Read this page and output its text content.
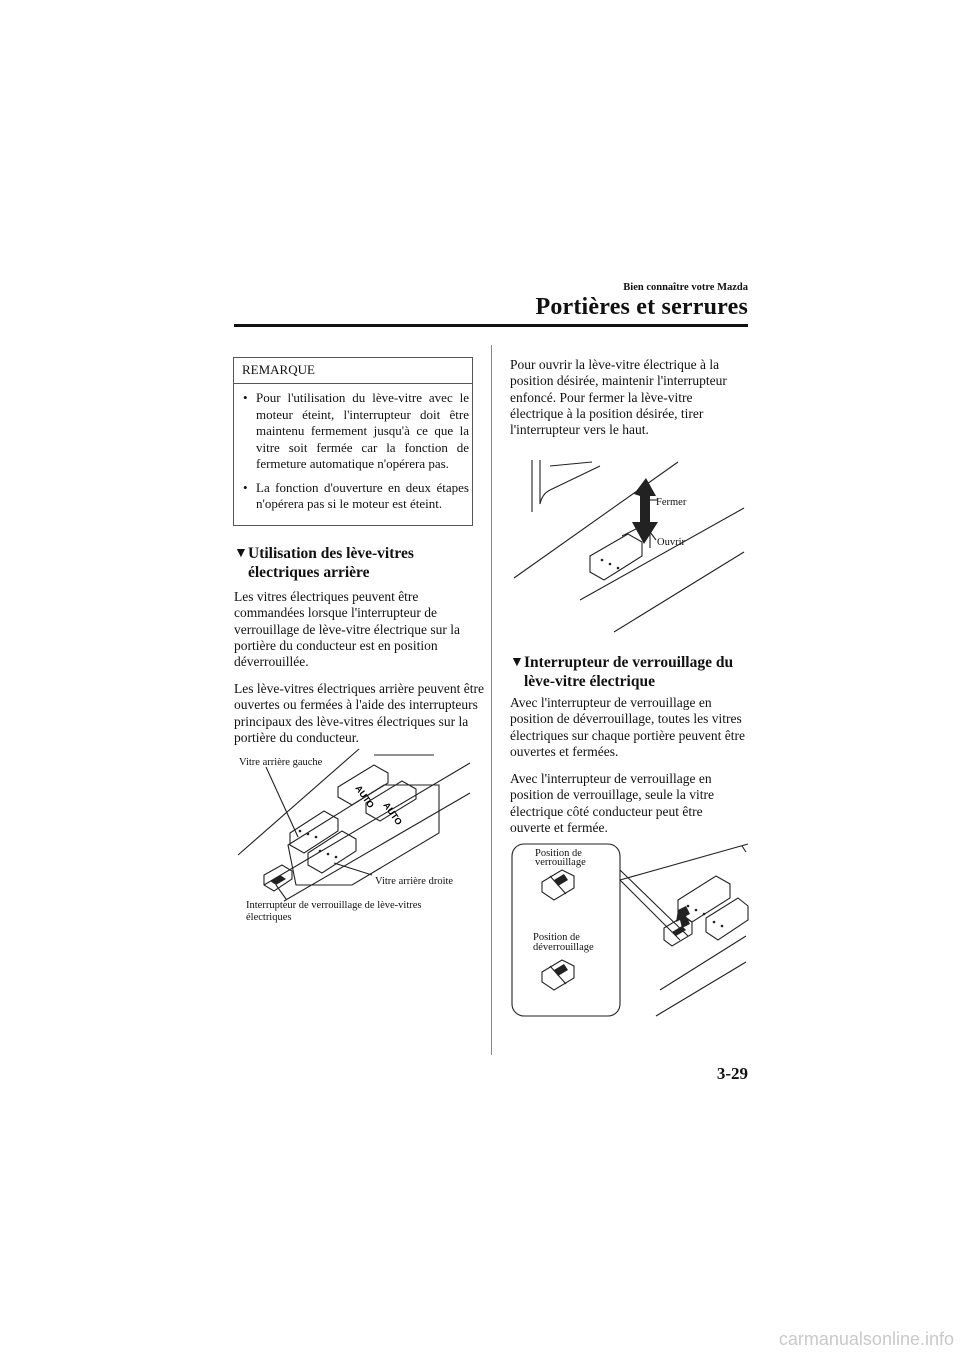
Bien connaître votre Mazda
Portières et serrures
REMARQUE
• Pour l'utilisation du lève-vitre avec le moteur éteint, l'interrupteur doit être maintenu fermement jusqu'à ce que la vitre soit fermée car la fonction de fermeture automatique n'opérera pas.
• La fonction d'ouverture en deux étapes n'opérera pas si le moteur est éteint.
▼ Utilisation des lève-vitres
électriques arrière

Les vitres électriques peuvent être commandées lorsque l'interrupteur de verrouillage de lève-vitre électrique sur la portière du conducteur est en position déverrouillée.

Les lève-vitres électriques arrière peuvent être ouvertes ou fermées à l'aide des interrupteurs principaux des lève-vitres électriques sur la portière du conducteur.

AUTO
AUTO
Vitre arrière gauche
Vitre arrière droite
Interrupteur de verrouillage de lève-vitres
électriques

Pour ouvrir la lève-vitre électrique à la position désirée, maintenir l'interrupteur enfoncé. Pour fermer la lève-vitre électrique à la position désirée, tirer l'interrupteur vers le haut.

Fermer
Ouvrir
▼ Interrupteur de verrouillage du
lève-vitre électrique

Avec l'interrupteur de verrouillage en position de déverrouillage, toutes les vitres électriques sur chaque portière peuvent être ouvertes et fermées.

Avec l'interrupteur de verrouillage en position de verrouillage, seule la vitre électrique côté conducteur peut être ouverte et fermée.

Position de
verrouillage
Position de
déverrouillage
3-29
carmanualsonline.info
